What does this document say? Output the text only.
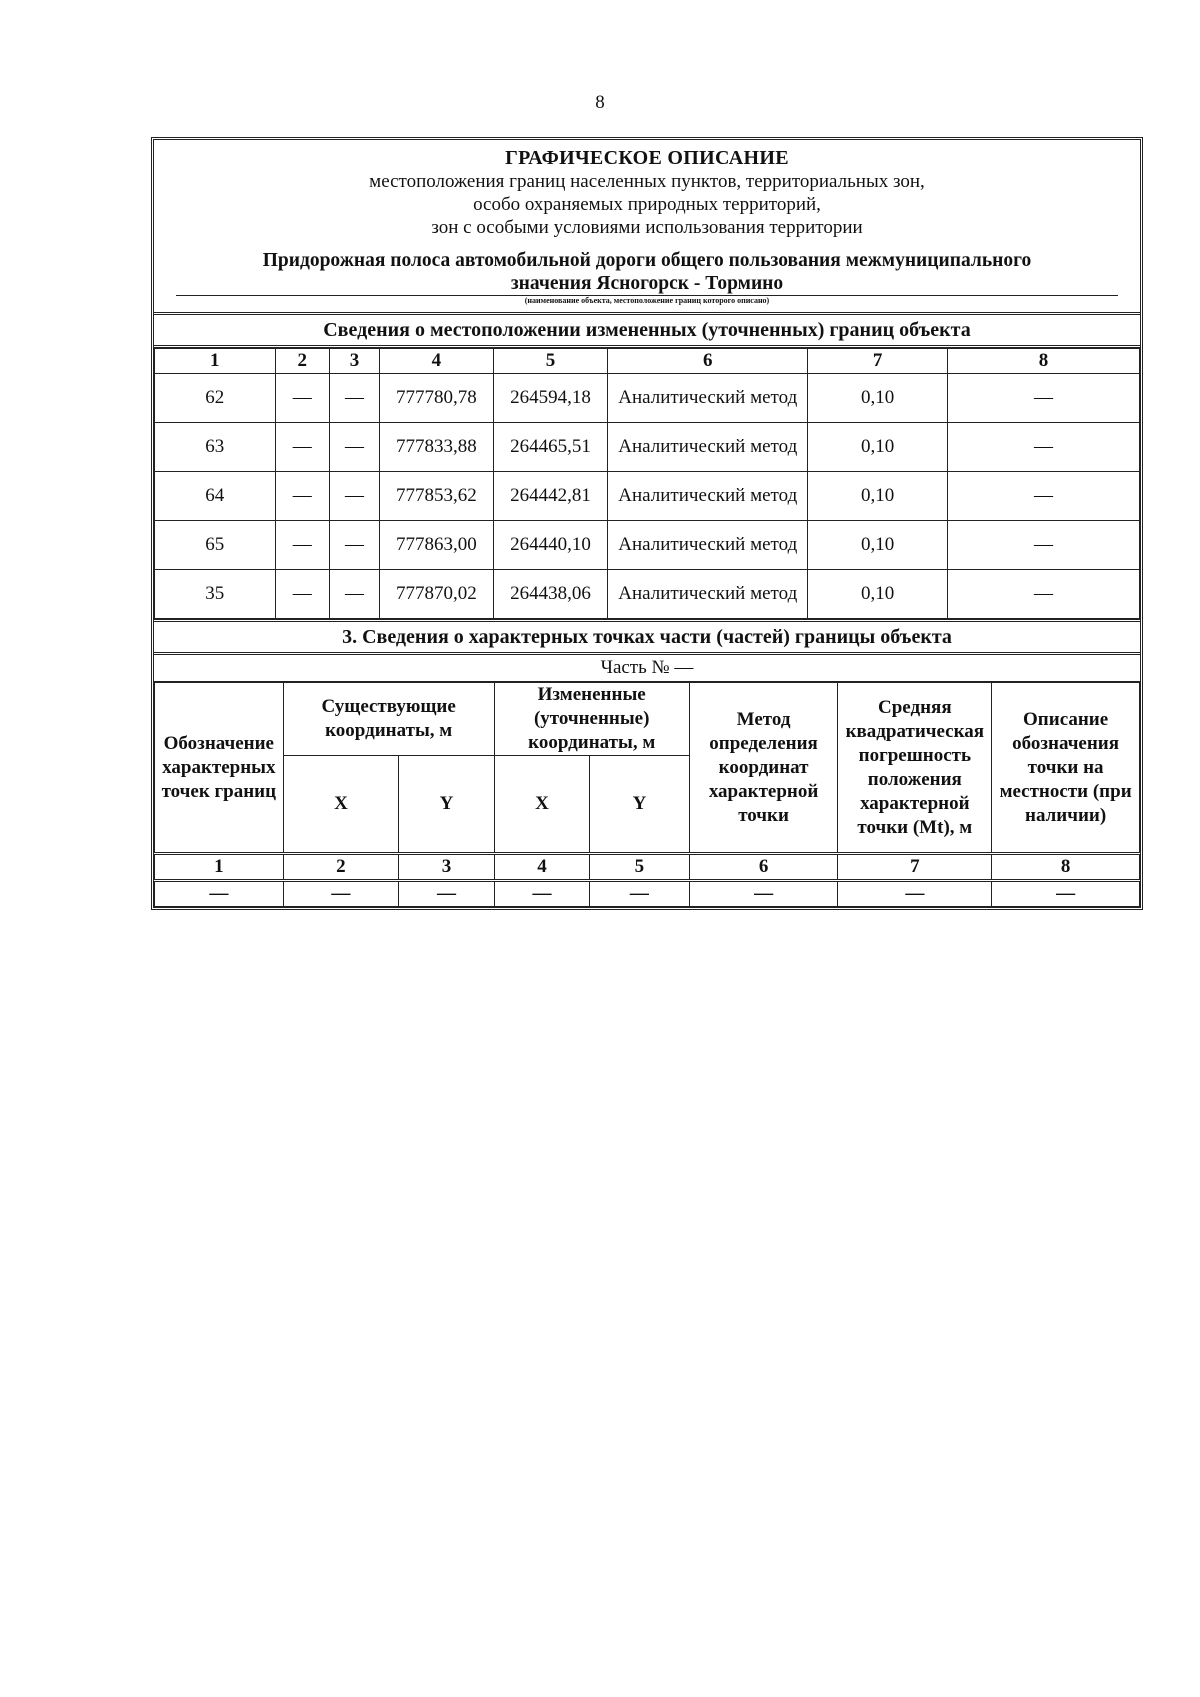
8
ГРАФИЧЕСКОЕ ОПИСАНИЕ
местоположения границ населенных пунктов, территориальных зон,
особо охраняемых природных территорий,
зон с особыми условиями использования территории
Придорожная полоса автомобильной дороги общего пользования межмуниципального
значения Ясногорск - Тормино
(наименование объекта, местоположение границ которого описано)
Сведения о местоположении измененных (уточненных) границ объекта
1	2	3	4	5	6	7	8
62	—	—	777780,78	264594,18	Аналитический метод	0,10	—
63	—	—	777833,88	264465,51	Аналитический метод	0,10	—
64	—	—	777853,62	264442,81	Аналитический метод	0,10	—
65	—	—	777863,00	264440,10	Аналитический метод	0,10	—
35	—	—	777870,02	264438,06	Аналитический метод	0,10	—
3. Сведения о характерных точках части (частей) границы объекта
Часть № —
Обозначение характерных точек границ	Существующие координаты, м		Измененные (уточненные) координаты, м		Метод определения координат характерной точки	Средняя квадратическая погрешность положения характерной точки (Mt), м	Описание обозначения точки на местности (при наличии)
	X	Y	X	Y			
1	2	3	4	5	6	7	8
—	—	—	—	—	—	—	—
